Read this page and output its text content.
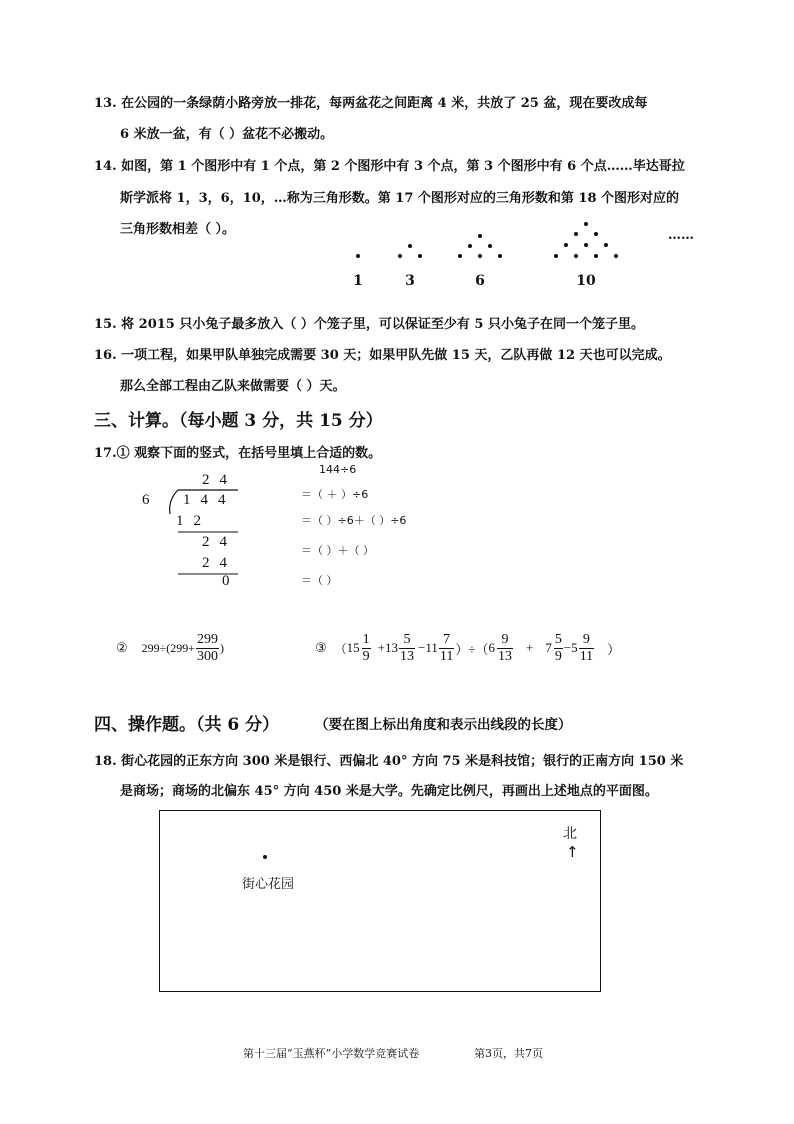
13. 在公园的一条绿荫小路旁放一排花，每两盆花之间距离 4 米，共放了 25 盆，现在要改成每
6 米放一盆，有（ ）盆花不必搬动。
14. 如图，第 1 个图形中有 1 个点，第 2 个图形中有 3 个点，第 3 个图形中有 6 个点……毕达哥拉
斯学派将 1，3，6，10，…称为三角形数。第 17 个图形对应的三角形数和第 18 个图形对应的
三角形数相差（ ）。	……
1	3	6	10
15. 将 2015 只小兔子最多放入（ ）个笼子里，可以保证至少有 5 只小兔子在同一个笼子里。
16. 一项工程，如果甲队单独完成需要 30 天；如果甲队先做 15 天，乙队再做 12 天也可以完成。
那么全部工程由乙队来做需要（ ）天。
三、计算。（每小题 3 分，共 15 分）
17.① 观察下面的竖式，在括号里填上合适的数。
24
6 144
12
24
24
0
144÷6
＝（ ＋ ）÷6
＝（ ）÷6＋（ ）÷6
＝（ ）＋（ ）
＝（ ）
② $299\div(299+ \frac{299}{300}$ )	③ （ $15 \frac{1}{9} +13 \frac{5}{13} -11 \frac{7}{11}$ ）÷（ $6 \frac{9}{13} + 7 \frac{5}{9} -5 \frac{9}{11}$ ）
四、操作题。（共 6 分）	（要在图上标出角度和表示出线段的长度）
18. 街心花园的正东方向 300 米是银行、西偏北 40° 方向 75 米是科技馆；银行的正南方向 150 米
是商场；商场的北偏东 45° 方向 450 米是大学。先确定比例尺，再画出上述地点的平面图。
北
↑
街心花园
第十三届“玉燕杯”小学数学竞赛试卷	第3页，共7页
